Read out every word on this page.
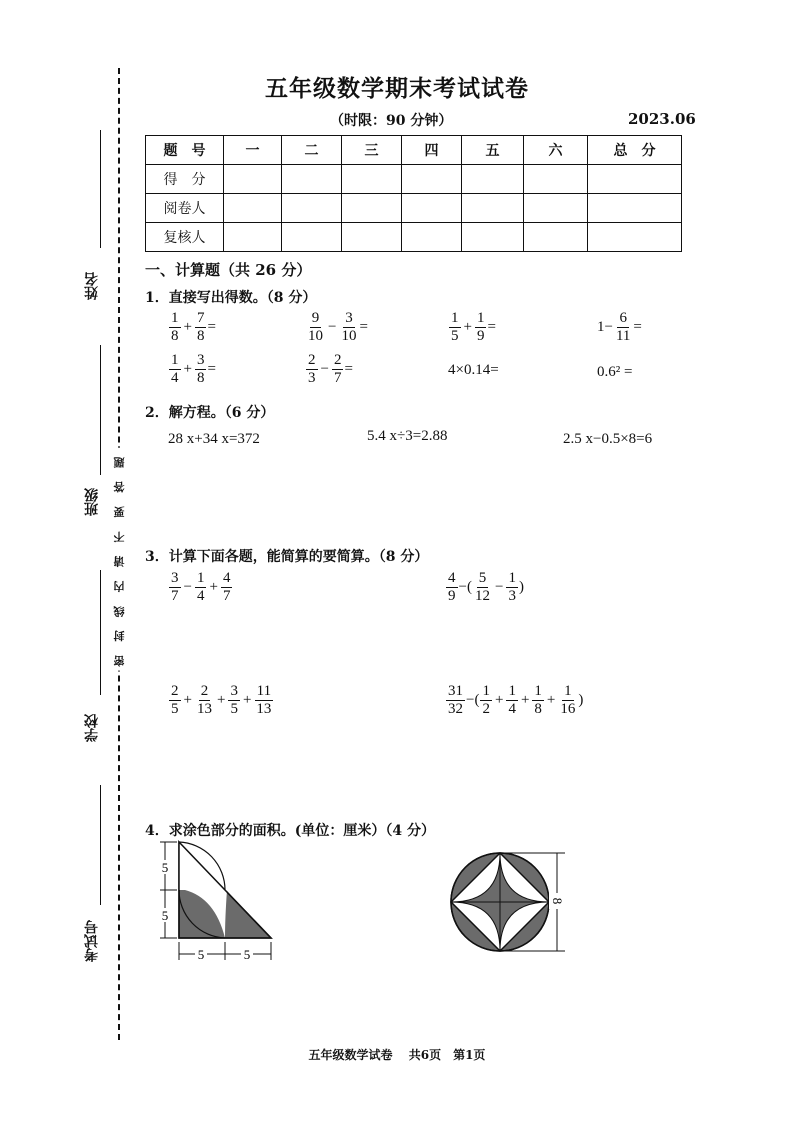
姓名
班级 密 封 线 内 请 不 要 答 题
学校
考试号
五年级数学期末考试试卷
（时限：90 分钟）	2023.06
题　号	一	二	三	四	五	六	总　分
得　分							
阅卷人							
复核人							
一、计算题（共 26 分）
1．直接写出得数。（8 分）
$\frac{1}{8} + \frac{7}{8}$ =	$\frac{9}{10} - \frac{3}{10}$ =	$\frac{1}{5} + \frac{1}{9}$ =	$1- \frac{6}{11}$ =
$\frac{1}{4} + \frac{3}{8}$ =	$\frac{2}{3} - \frac{2}{7}$ =	4×0.14=	0.6² =
2．解方程。（6 分）
28 x+34 x=372	5.4 x÷3=2.88	2.5 x−0.5×8=6
3．计算下面各题，能简算的要简算。（8 分）
$\frac{3}{7} - \frac{1}{4} + \frac{4}{7}$	$\frac{4}{9}$ −( $\frac{5}{12} - \frac{1}{3}$ )
$\frac{2}{5} + \frac{2}{13} + \frac{3}{5} + \frac{11}{13}$	$\frac{31}{32}$ −( $\frac{1}{2} + \frac{1}{4} + \frac{1}{8} + \frac{1}{16}$ )
4．求涂色部分的面积。(单位：厘米）（4 分）
5
5
5	5
8
五年级数学试卷　 共6页　第1页
